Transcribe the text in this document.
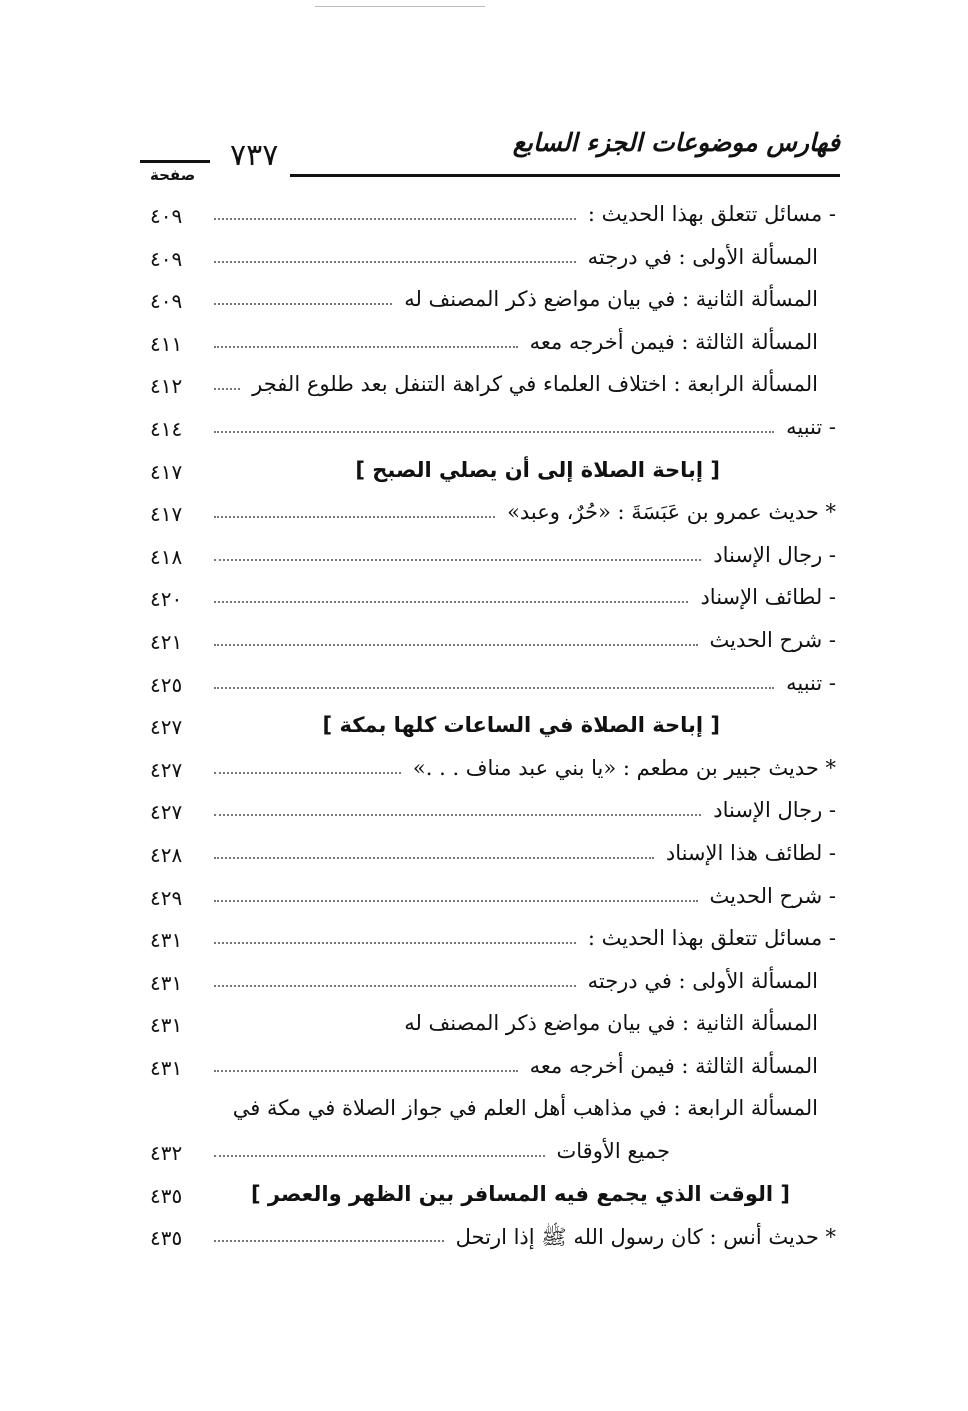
فهارس موضوعات الجزء السابع
٧٣٧
صفحة
- مسائل تتعلق بهذا الحديث :
٤٠٩
المسألة الأولى : في درجته
٤٠٩
المسألة الثانية : في بيان مواضع ذكر المصنف له
٤٠٩
المسألة الثالثة : فيمن أخرجه معه
٤١١
المسألة الرابعة : اختلاف العلماء في كراهة التنفل بعد طلوع الفجر
٤١٢
- تنبيه
٤١٤
[ إباحة الصلاة إلى أن يصلي الصبح ]
٤١٧
* حديث عمرو بن عَبَسَةَ : «حُرٌ، وعبد»
٤١٧
- رجال الإسناد
٤١٨
- لطائف الإسناد
٤٢٠
- شرح الحديث
٤٢١
- تنبيه
٤٢٥
[ إباحة الصلاة في الساعات كلها بمكة ]
٤٢٧
* حديث جبير بن مطعم : «يا بني عبد مناف . . .»
٤٢٧
- رجال الإسناد
٤٢٧
- لطائف هذا الإسناد
٤٢٨
- شرح الحديث
٤٢٩
- مسائل تتعلق بهذا الحديث :
٤٣١
المسألة الأولى : في درجته
٤٣١
المسألة الثانية : في بيان مواضع ذكر المصنف له
٤٣١
المسألة الثالثة : فيمن أخرجه معه
٤٣١
المسألة الرابعة : في مذاهب أهل العلم في جواز الصلاة في مكة في
جميع الأوقات
٤٣٢
[ الوقت الذي يجمع فيه المسافر بين الظهر والعصر ]
٤٣٥
* حديث أنس : كان رسول الله ﷺ إذا ارتحل
٤٣٥
